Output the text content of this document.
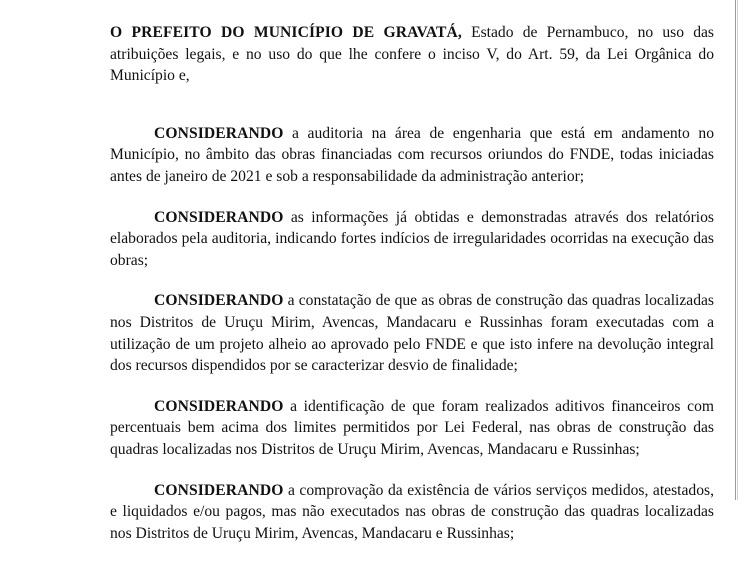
O PREFEITO DO MUNICÍPIO DE GRAVATÁ, Estado de Pernambuco, no uso das atribuições legais, e no uso do que lhe confere o inciso V, do Art. 59, da Lei Orgânica do Município e,

CONSIDERANDO a auditoria na área de engenharia que está em andamento no Município, no âmbito das obras financiadas com recursos oriundos do FNDE, todas iniciadas antes de janeiro de 2021 e sob a responsabilidade da administração anterior;

CONSIDERANDO as informações já obtidas e demonstradas através dos relatórios elaborados pela auditoria, indicando fortes indícios de irregularidades ocorridas na execução das obras;

CONSIDERANDO a constatação de que as obras de construção das quadras localizadas nos Distritos de Uruçu Mirim, Avencas, Mandacaru e Russinhas foram executadas com a utilização de um projeto alheio ao aprovado pelo FNDE e que isto infere na devolução integral dos recursos dispendidos por se caracterizar desvio de finalidade;

CONSIDERANDO a identificação de que foram realizados aditivos financeiros com percentuais bem acima dos limites permitidos por Lei Federal, nas obras de construção das quadras localizadas nos Distritos de Uruçu Mirim, Avencas, Mandacaru e Russinhas;

CONSIDERANDO a comprovação da existência de vários serviços medidos, atestados, e liquidados e/ou pagos, mas não executados nas obras de construção das quadras localizadas nos Distritos de Uruçu Mirim, Avencas, Mandacaru e Russinhas;
